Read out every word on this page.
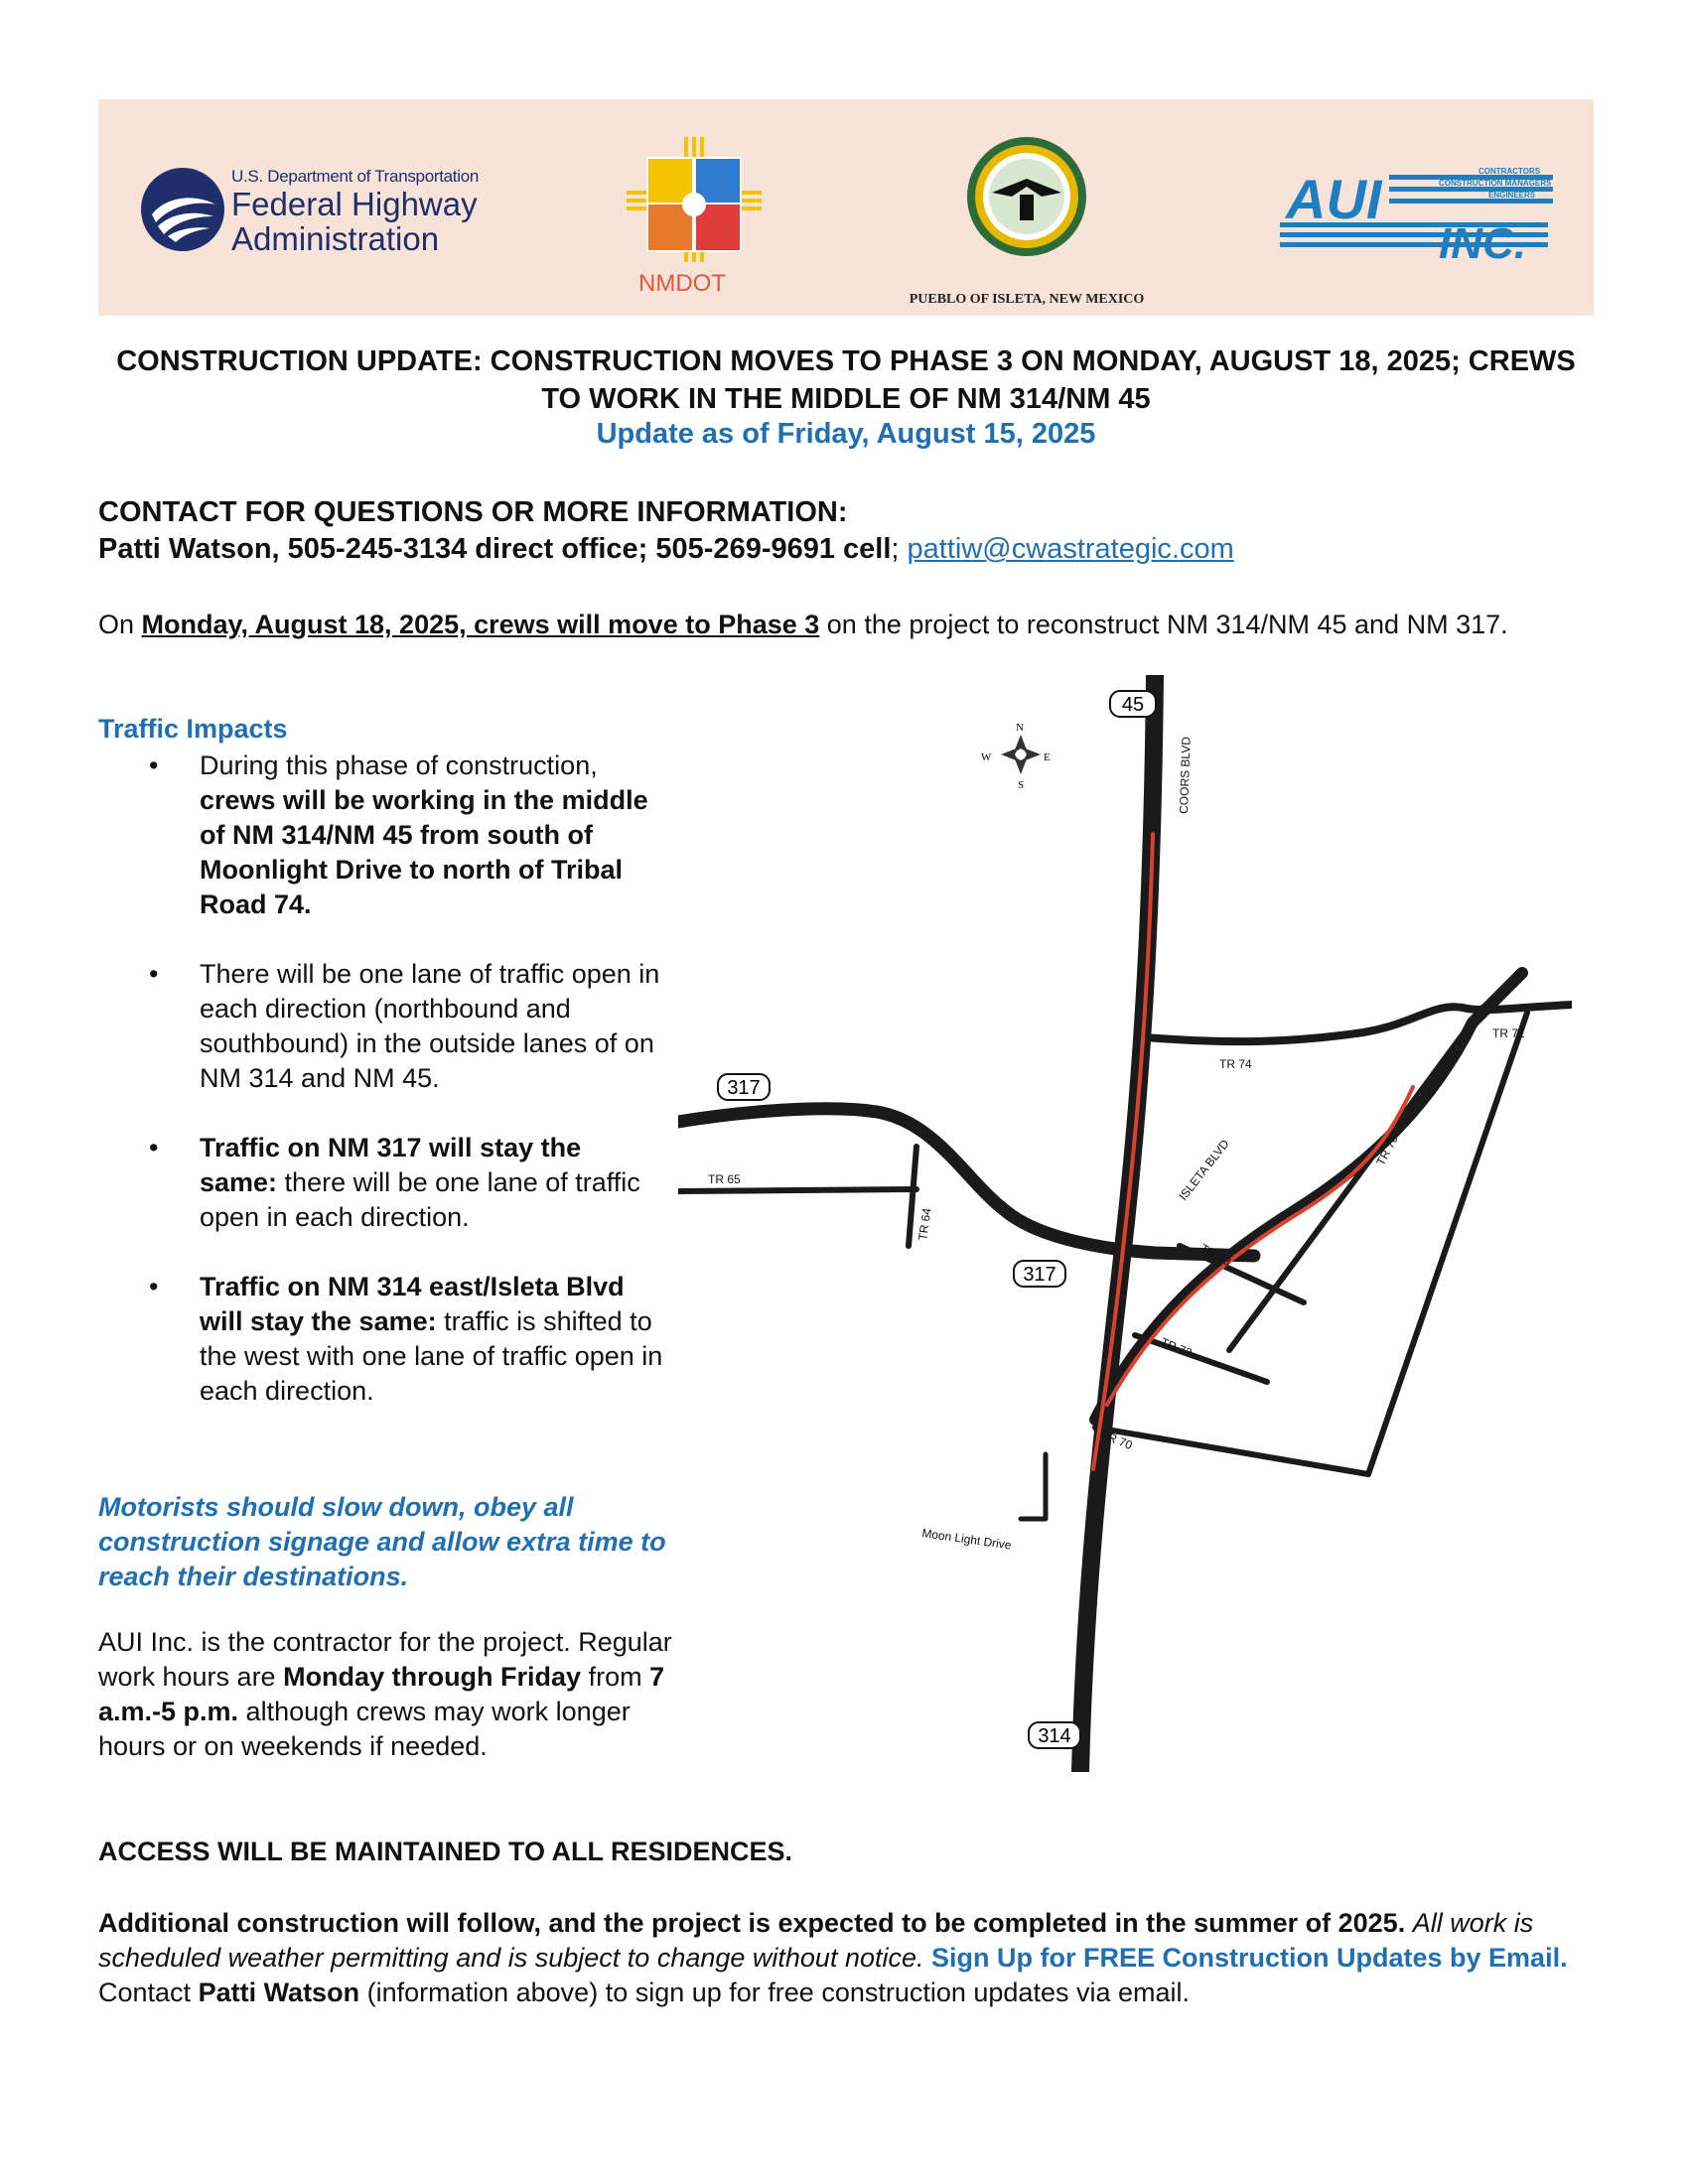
U.S. Department of Transportation
Federal Highway
Administration
NMDOT
PUEBLO OF ISLETA, NEW MEXICO
AUI
INC.
CONTRACTORS
CONSTRUCTION MANAGERS
ENGINEERS
CONSTRUCTION UPDATE: CONSTRUCTION MOVES TO PHASE 3 ON MONDAY, AUGUST 18, 2025; CREWS TO WORK IN THE MIDDLE OF NM 314/NM 45
Update as of Friday, August 15, 2025
CONTACT FOR QUESTIONS OR MORE INFORMATION:
Patti Watson, 505-245-3134 direct office; 505-269-9691 cell; pattiw@cwastrategic.com
On Monday, August 18, 2025, crews will move to Phase 3 on the project to reconstruct NM 314/NM 45 and NM 317.
Traffic Impacts
• During this phase of construction, crews will be working in the middle of NM 314/NM 45 from south of Moonlight Drive to north of Tribal Road 74.
• There will be one lane of traffic open in each direction (northbound and southbound) in the outside lanes of on NM 314 and NM 45.
• Traffic on NM 317 will stay the same: there will be one lane of traffic open in each direction.
• Traffic on NM 314 east/Isleta Blvd will stay the same: traffic is shifted to the west with one lane of traffic open in each direction.
Motorists should slow down, obey all construction signage and allow extra time to reach their destinations.
AUI Inc. is the contractor for the project. Regular work hours are Monday through Friday from 7 a.m.-5 p.m. although crews may work longer hours or on weekends if needed.
N
S
E
W
45
317
317
314
COORS BLVD
TR 71
TR 74
TR 65
TR 64
ISLETA BLVD	TR 70
TR 73
TR 72
TR 70
Moon Light Drive
ACCESS WILL BE MAINTAINED TO ALL RESIDENCES.
Additional construction will follow, and the project is expected to be completed in the summer of 2025. All work is scheduled weather permitting and is subject to change without notice. Sign Up for FREE Construction Updates by Email. Contact Patti Watson (information above) to sign up for free construction updates via email.
